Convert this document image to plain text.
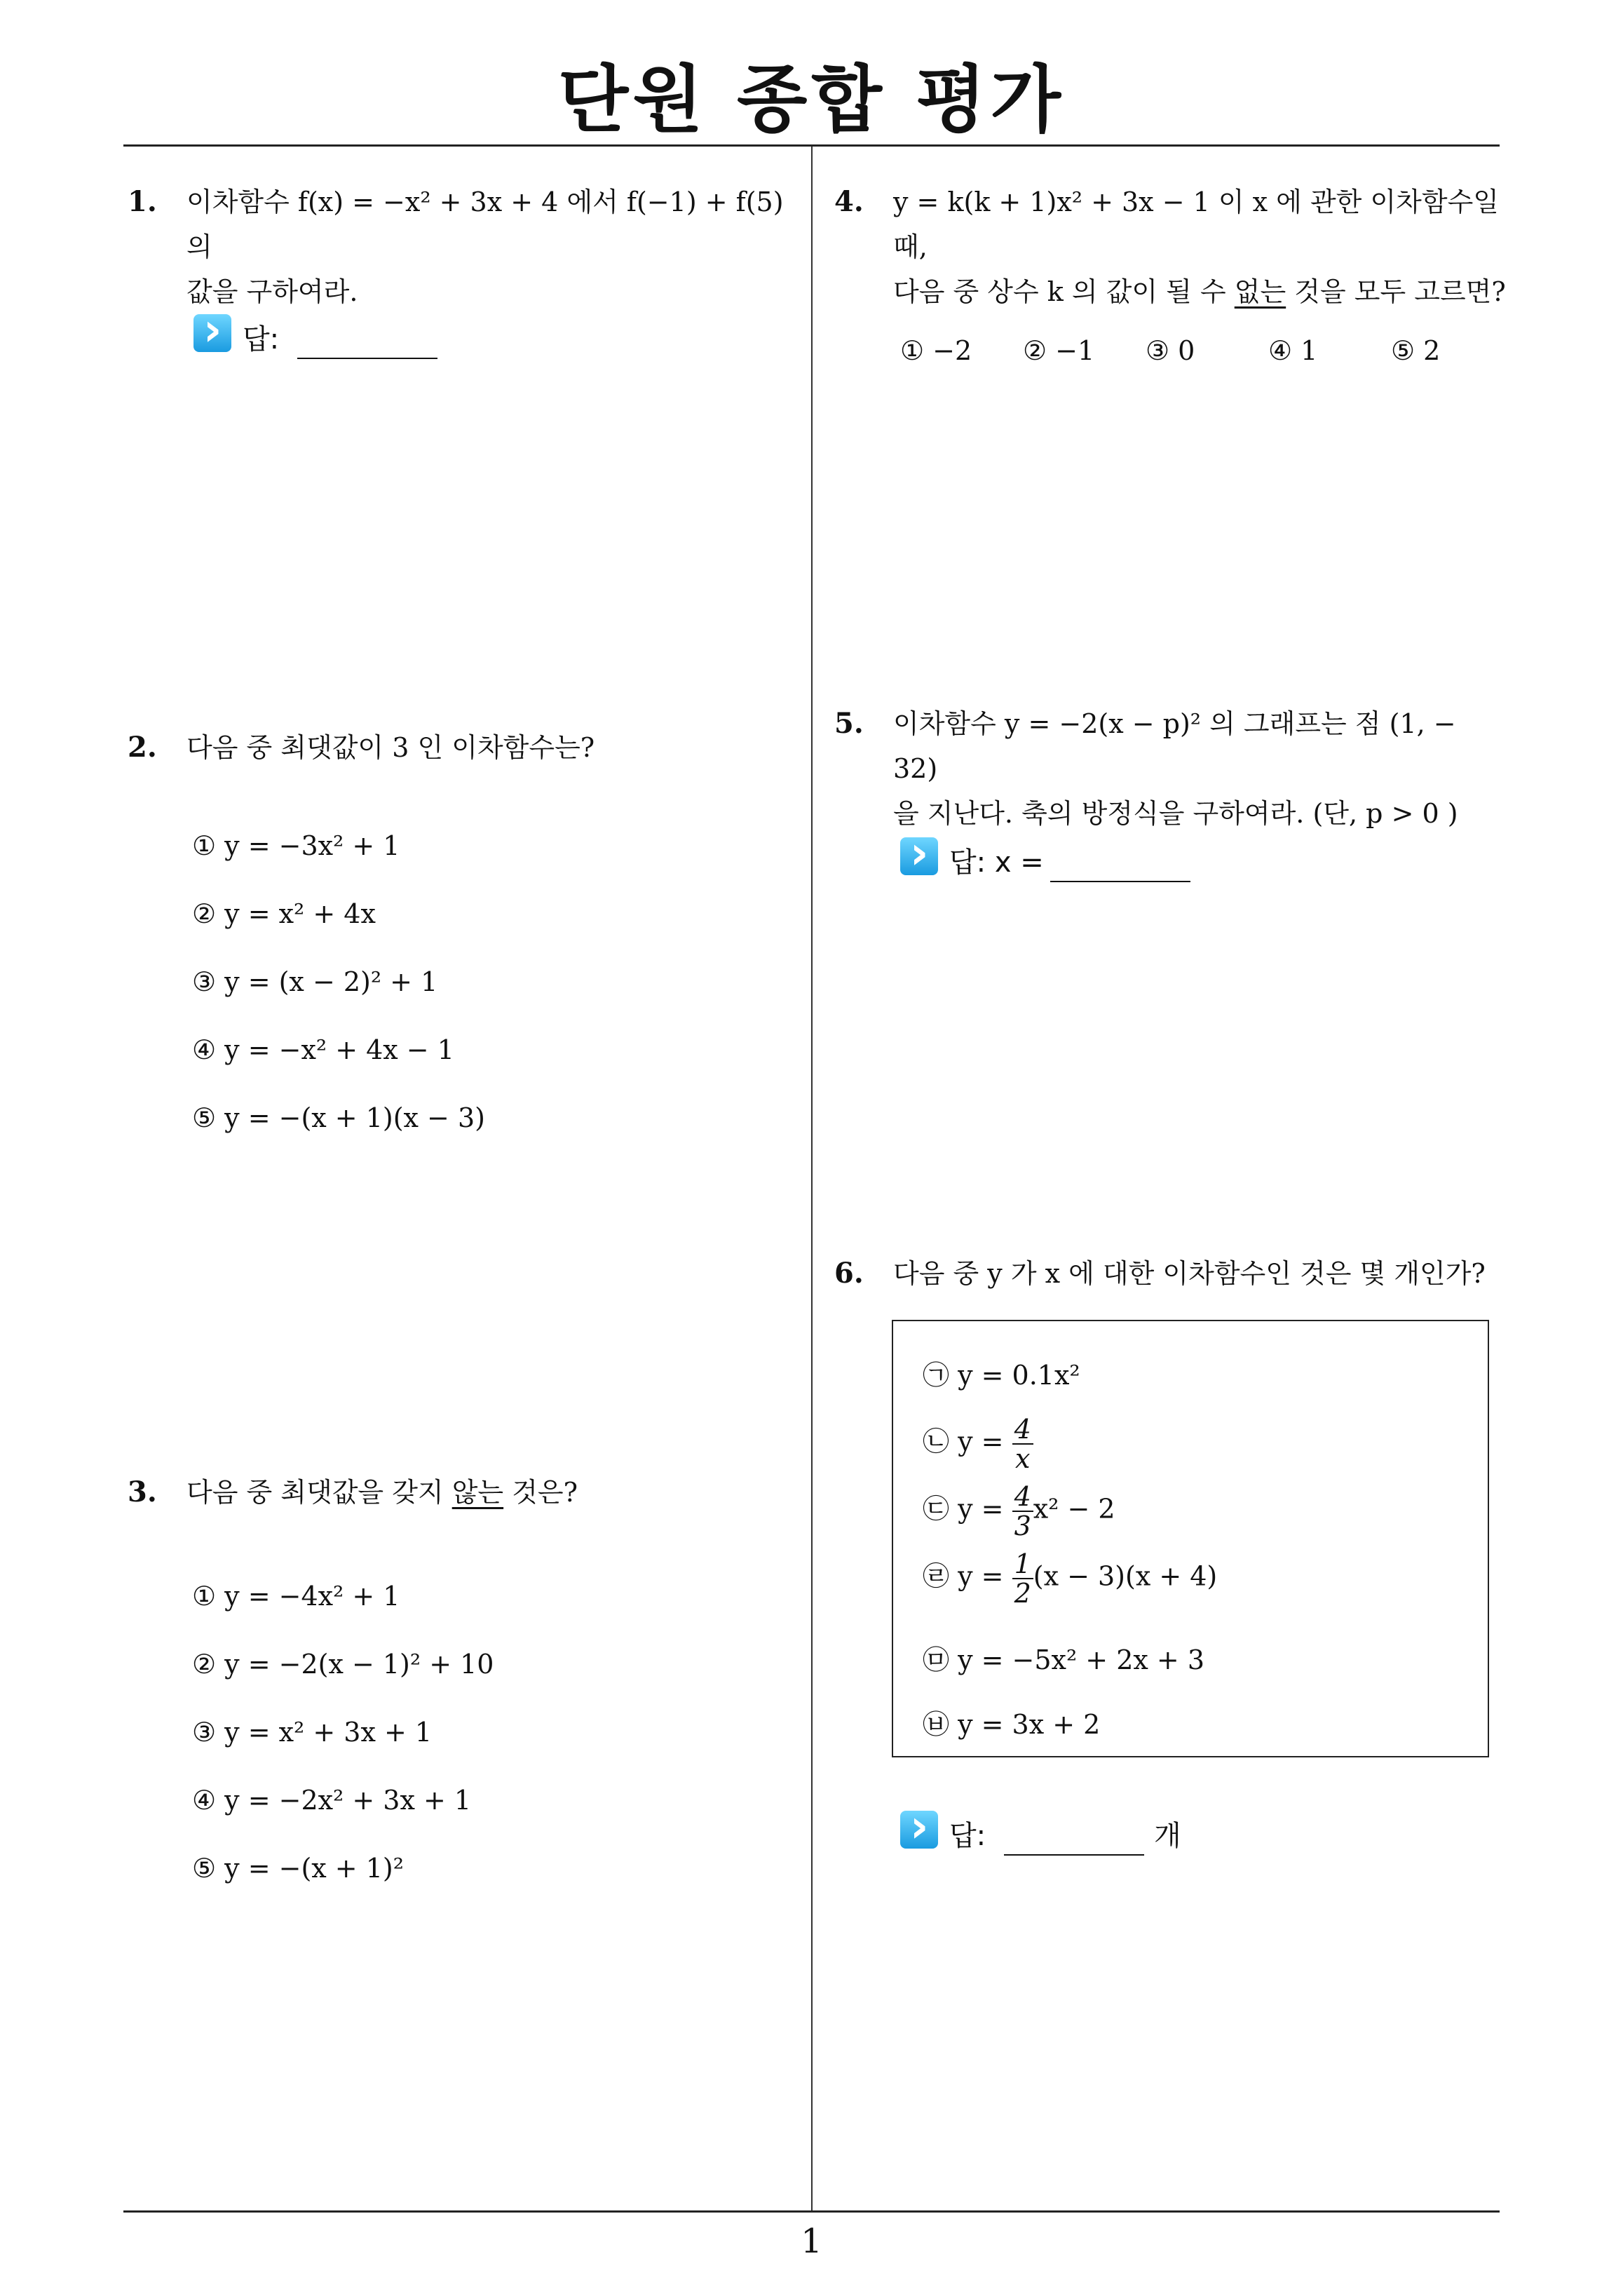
단원 종합 평가
1. 이차함수 f(x) = −x² + 3x + 4 에서 f(−1) + f(5) 의
값을 구하여라.
›
답:
2. 다음 중 최댓값이 3 인 이차함수는?
① y = −3x² + 1
② y = x² + 4x
③ y = (x − 2)² + 1
④ y = −x² + 4x − 1
⑤ y = −(x + 1)(x − 3)
3. 다음 중 최댓값을 갖지 않는 것은?
① y = −4x² + 1
② y = −2(x − 1)² + 10
③ y = x² + 3x + 1
④ y = −2x² + 3x + 1
⑤ y = −(x + 1)²
4. y = k(k + 1)x² + 3x − 1 이 x 에 관한 이차함수일 때,
다음 중 상수 k 의 값이 될 수 없는 것을 모두 고르면?
① −2 ② −1 ③ 0	④ 1	⑤ 2
5. 이차함수 y = −2(x − p)² 의 그래프는 점 (1, − 32)
을 지난다. 축의 방정식을 구하여라. (단, p > 0 )
›
답: x =
6. 다음 중 y 가 x 에 대한 이차함수인 것은 몇 개인가?
㉠ y = 0.1x²
㉡ $y = \frac{4}{x}$
㉢ $y = \frac{4}{3} x^2 - 2$
㉣ $y = \frac{1}{2} (x - 3)(x + 4)$
㉤ y = −5x² + 2x + 3
㉥ y = 3x + 2
›
답:	개
1
